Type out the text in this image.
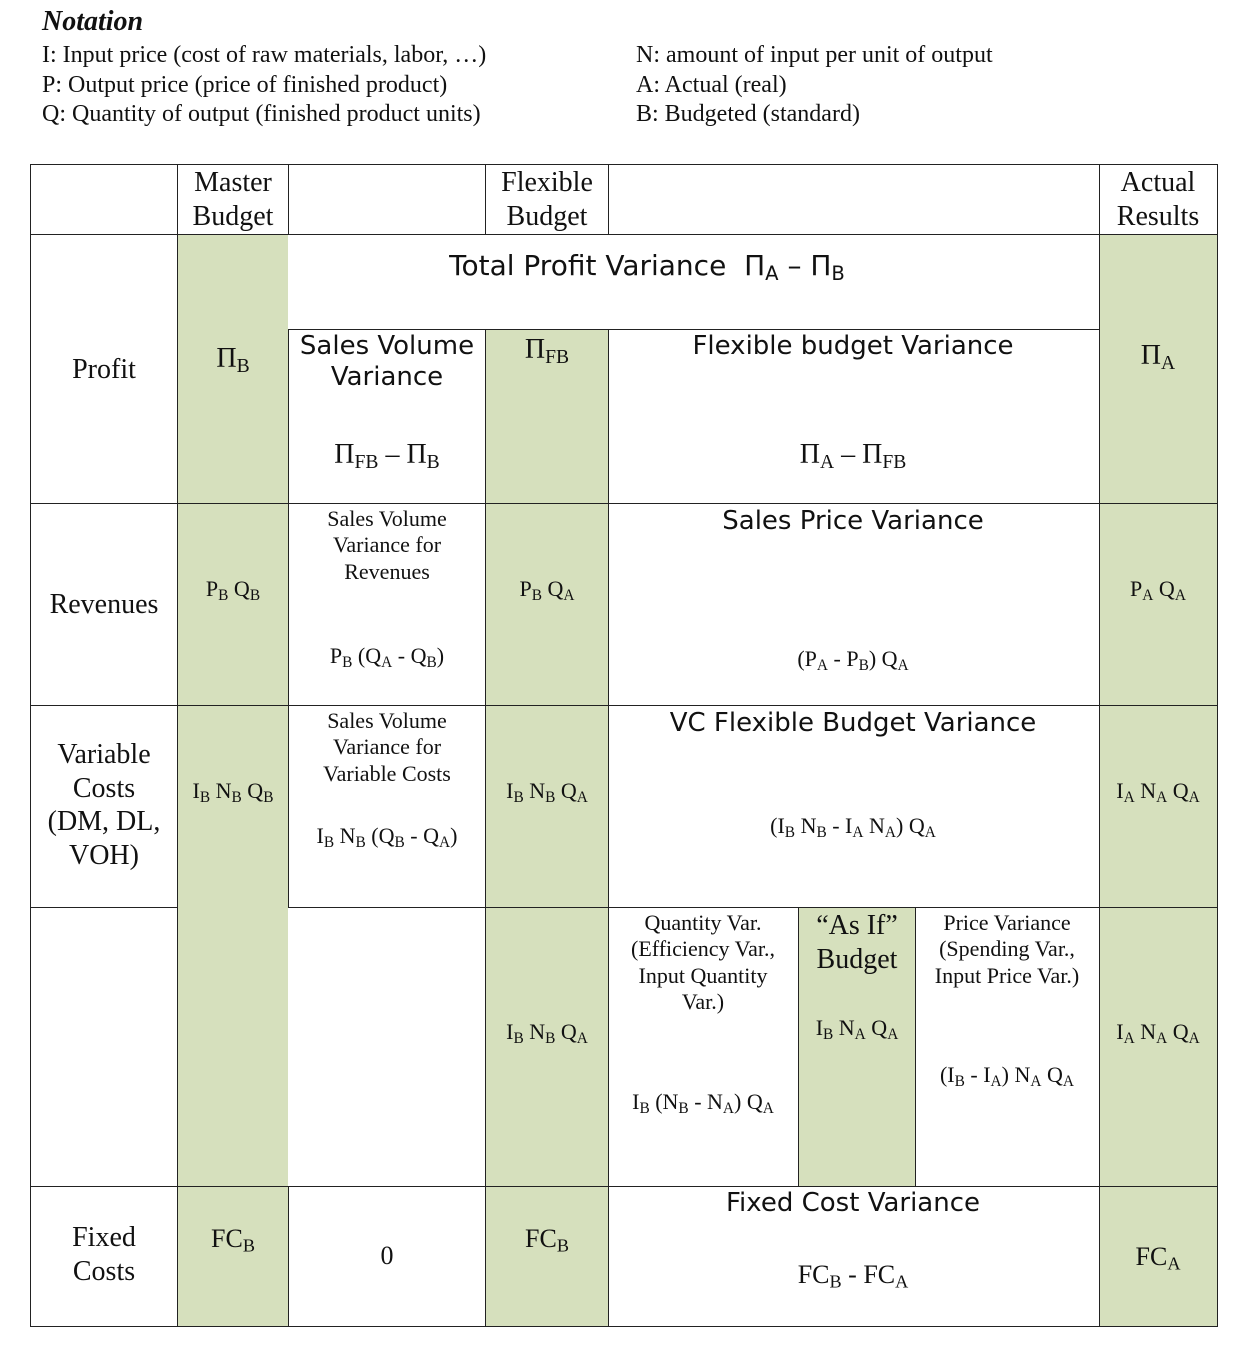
Notation
I: Input price (cost of raw materials, labor, …)
P: Output price (price of finished product)
Q: Quantity of output (finished product units)
N: amount of input per unit of output
A: Actual (real)
B: Budgeted (standard)
Master
Budget
Flexible
Budget
Actual
Results
Profit
Revenues
Variable
Costs
(DM, DL,
VOH)
Fixed
Costs
Total Profit Variance  $\Pi_A - \Pi_B$
$\Pi_B$
Sales Volume
Variance
$\Pi_{FB} - \Pi_B$
$\Pi_{FB}$	Flexible budget Variance
$\Pi_A - \Pi_{FB}$
$\Pi_A$
$P_B$ $Q_B$
Sales Volume
Variance for
Revenues
$P_B$ $(Q_A - Q_B)$
$P_B$ $Q_A$
Sales Price Variance
$(P_A - P_B)$ $Q_A$
$P_A$ $Q_A$
$I_B$ $N_B$ $Q_B$
Sales Volume
Variance for
Variable Costs
$I_B$ $N_B$ $(Q_B - Q_A)$
$I_B$ $N_B$ $Q_A$
VC Flexible Budget Variance
($I_B$ $N_B - I_A$ $N_A$) $Q_A$
$I_A$ $N_A$ $Q_A$
$I_B$ $N_B$ $Q_A$
Quantity Var.
(Efficiency Var.,
Input Quantity
Var.)
$I_B$ $(N_B - N_A)$ $Q_A$
“As If”
Budget
$I_B$ $N_A$ $Q_A$
Price Variance
(Spending Var.,
Input Price Var.)
$(I_B - I_A)$ $N_A$ $Q_A$
$I_A$ $N_A$ $Q_A$
$FC_B$	0
$FC_B$
Fixed Cost Variance
$FC_B - FC_A$
$FC_A$
